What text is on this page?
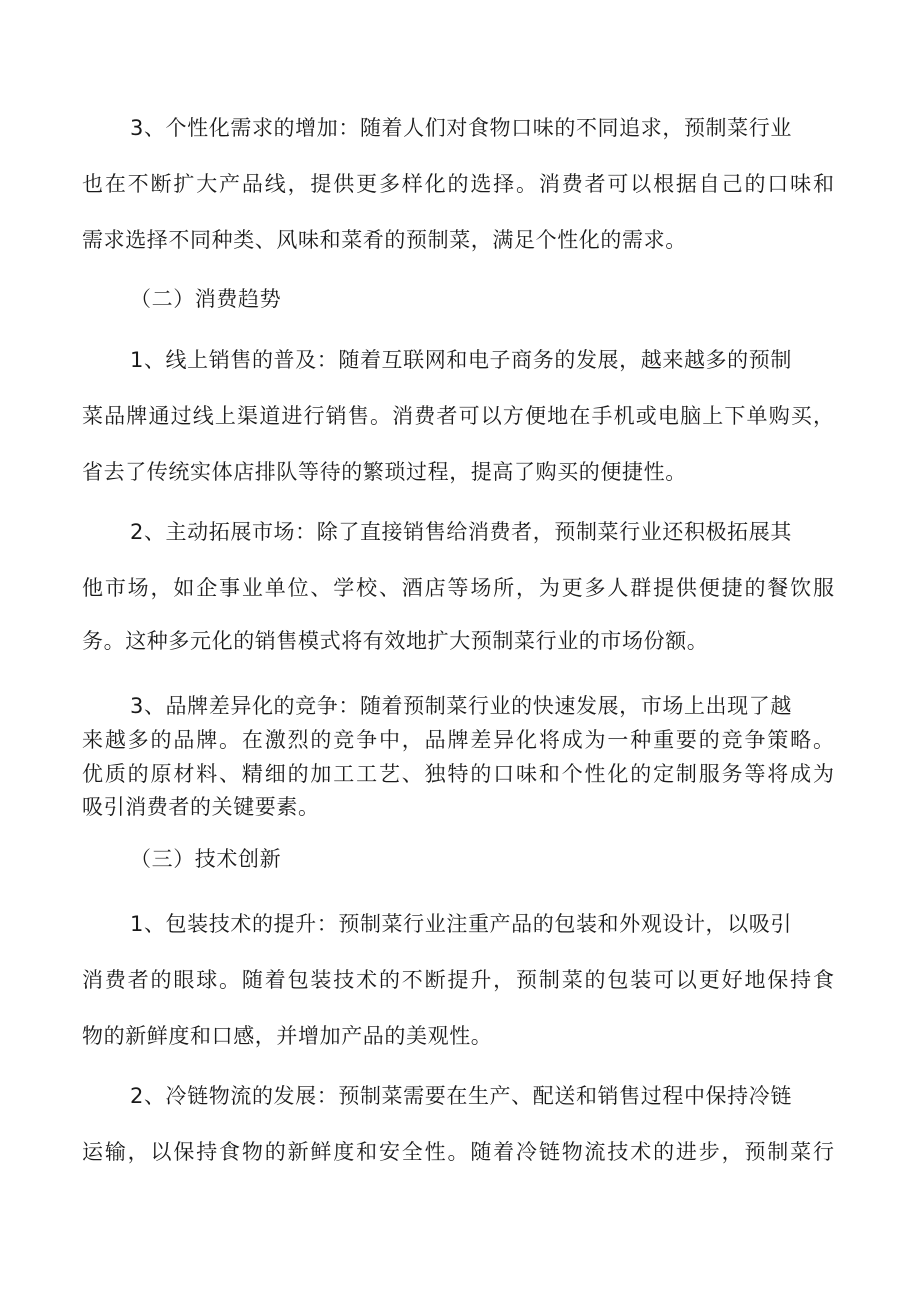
3、个性化需求的增加：随着人们对食物口味的不同追求，预制菜行业
也在不断扩大产品线，提供更多样化的选择。消费者可以根据自己的口味和
需求选择不同种类、风味和菜肴的预制菜，满足个性化的需求。
（二）消费趋势
1、线上销售的普及：随着互联网和电子商务的发展，越来越多的预制
菜品牌通过线上渠道进行销售。消费者可以方便地在手机或电脑上下单购买，
省去了传统实体店排队等待的繁琐过程，提高了购买的便捷性。
2、主动拓展市场：除了直接销售给消费者，预制菜行业还积极拓展其
他市场，如企事业单位、学校、酒店等场所，为更多人群提供便捷的餐饮服
务。这种多元化的销售模式将有效地扩大预制菜行业的市场份额。
3、品牌差异化的竞争：随着预制菜行业的快速发展，市场上出现了越
来越多的品牌。在激烈的竞争中，品牌差异化将成为一种重要的竞争策略。
优质的原材料、精细的加工工艺、独特的口味和个性化的定制服务等将成为
吸引消费者的关键要素。
（三）技术创新
1、包装技术的提升：预制菜行业注重产品的包装和外观设计，以吸引
消费者的眼球。随着包装技术的不断提升，预制菜的包装可以更好地保持食
物的新鲜度和口感，并增加产品的美观性。
2、冷链物流的发展：预制菜需要在生产、配送和销售过程中保持冷链
运输，以保持食物的新鲜度和安全性。随着冷链物流技术的进步，预制菜行
